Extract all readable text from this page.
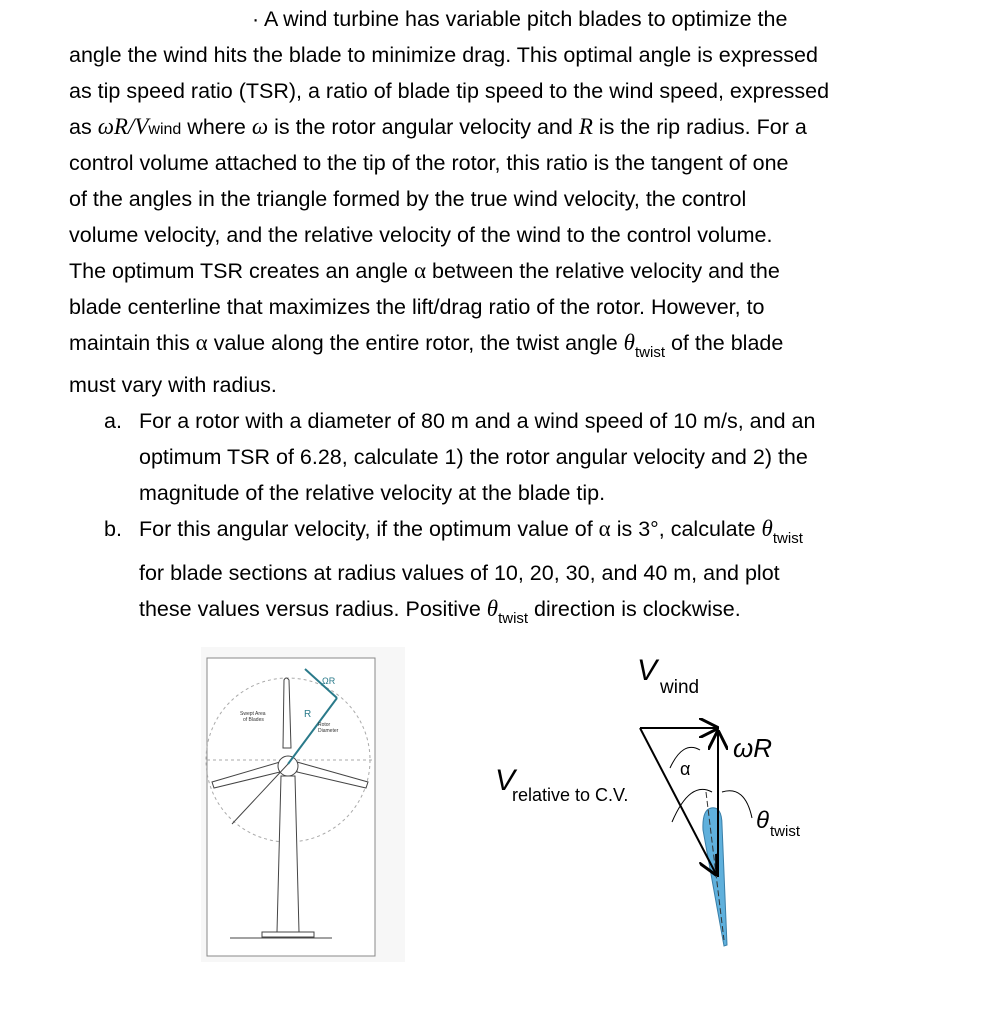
· A wind turbine has variable pitch blades to optimize the
angle the wind hits the blade to minimize drag. This optimal angle is expressed
as tip speed ratio (TSR), a ratio of blade tip speed to the wind speed, expressed
as ωR/Vwind where ω is the rotor angular velocity and R is the rip radius. For a
control volume attached to the tip of the rotor, this ratio is the tangent of one
of the angles in the triangle formed by the true wind velocity, the control
volume velocity, and the relative velocity of the wind to the control volume.
The optimum TSR creates an angle α between the relative velocity and the
blade centerline that maximizes the lift/drag ratio of the rotor. However, to
maintain this α value along the entire rotor, the twist angle $\theta_{twist}$ of the blade
must vary with radius.
a. For a rotor with a diameter of 80 m and a wind speed of 10 m/s, and an
optimum TSR of 6.28, calculate 1) the rotor angular velocity and 2) the
magnitude of the relative velocity at the blade tip.
b. For this angular velocity, if the optimum value of α is 3°, calculate $\theta_{twist}$
for blade sections at radius values of 10, 20, 30, and 40 m, and plot
these values versus radius. Positive $\theta_{twist}$ direction is clockwise.
ΩR
R
Swept Area
of Blades
Rotor
Diameter
V
wind
ωR
α
V
relative to C.V.
θ twist
